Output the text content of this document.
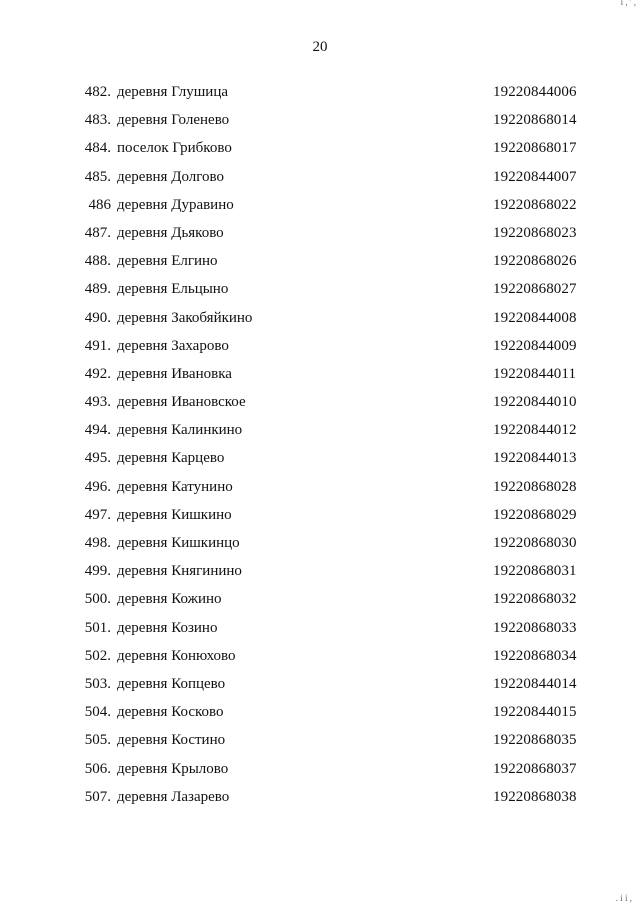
і , ' ,
20
482. деревня Глушица	19220844006
483. деревня Голенево	19220868014
484. поселок Грибково	19220868017
485. деревня Долгово	19220844007
486 деревня Дуравино	19220868022
487. деревня Дьяково	19220868023
488. деревня Елгино	19220868026
489. деревня Ельцыно	19220868027
490. деревня Закобяйкино	19220844008
491. деревня Захарово	19220844009
492. деревня Ивановка	19220844011
493. деревня Ивановское	19220844010
494. деревня Калинкино	19220844012
495. деревня Карцево	19220844013
496. деревня Катунино	19220868028
497. деревня Кишкино	19220868029
498. деревня Кишкинцо	19220868030
499. деревня Княгинино	19220868031
500. деревня Кожино	19220868032
501. деревня Козино	19220868033
502. деревня Конюхово	19220868034
503. деревня Копцево	19220844014
504. деревня Косково	19220844015
505. деревня Костино	19220868035
506. деревня Крылово	19220868037
507. деревня Лазарево	19220868038
. і і ,
